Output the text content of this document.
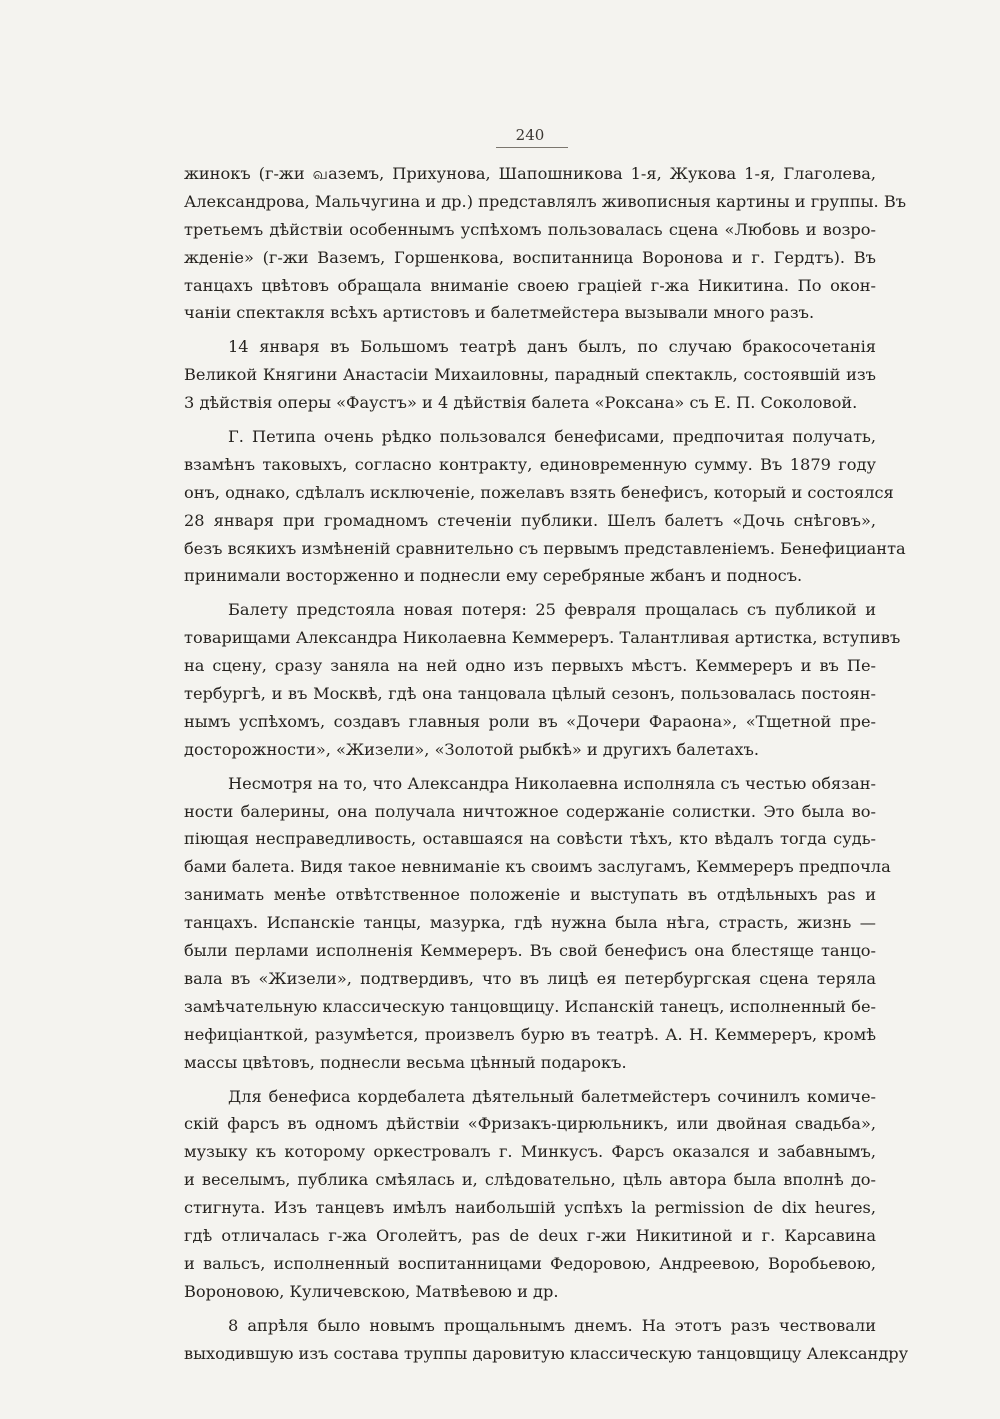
240

жинокъ (г-жи வаземъ, Прихунова, Шапошникова 1-я, Жукова 1-я, Глаголева,

Александрова, Мальчугина и др.) представлялъ живописныя картины и группы. Въ

третьемъ дѣйствіи особеннымъ успѣхомъ пользовалась сцена «Любовь и возро-

жденіе» (г-жи Вaземъ, Горшенкова, воспитанница Воронова и г. Гердтъ). Въ

танцахъ цвѣтовъ обращала вниманіе своею граціей г-жа Никитина. По окон-

чаніи спектакля всѣхъ артистовъ и балетмейстера вызывали много разъ.

14 января въ Большомъ театрѣ данъ былъ, по случаю бракосочетанія

Великой Княгини Анастасіи Михаиловны, парадный спектакль, состоявшій изъ

3 дѣйствія оперы «Фаустъ» и 4 дѣйствія балета «Роксана» съ Е. П. Соколовой.

Г. Петипа очень рѣдко пользовался бенефисами, предпочитая получать,

взамѣнъ таковыхъ, согласно контракту, единовременную сумму. Въ 1879 году

онъ, однако, сдѣлалъ исключеніе, пожелавъ взять бенефисъ, который и состоялся

28 января при громадномъ стеченіи публики. Шелъ балетъ «Дочь снѣговъ»,

безъ всякихъ измѣненій сравнительно съ первымъ представленіемъ. Бенефицианта

принимали восторженно и поднесли ему серебряные жбанъ и подносъ.

Балету предстояла новая потеря: 25 февраля прощалась съ публикой и

товарищами Александра Николаевна Кеммереръ. Талантливая артистка, вступивъ

на сцену, сразу заняла на ней одно изъ первыхъ мѣстъ. Кеммереръ и въ Пе-

тербургѣ, и въ Москвѣ, гдѣ она танцовала цѣлый сезонъ, пользовалась постоян-

нымъ успѣхомъ, создавъ главныя роли въ «Дочери Фараона», «Тщетной пре-

досторожности», «Жизели», «Золотой рыбкѣ» и другихъ балетахъ.

Несмотря на то, что Александра Николаевна исполняла съ честью обязан-

ности балерины, она получала ничтожное содержаніе солистки. Это была во-

піющая несправедливость, оставшаяся на совѣсти тѣхъ, кто вѣдалъ тогда судь-

бами балета. Видя такое невниманіе къ своимъ заслугамъ, Кеммереръ предпочла

занимать менѣе отвѣтственное положеніе и выступать въ отдѣльныхъ pas и

танцахъ. Испанскіе танцы, мазурка, гдѣ нужна была нѣга, страсть, жизнь —

были перлами исполненія Кеммереръ. Въ свой бенефисъ она блестяще танцо-

вала въ «Жизели», подтвердивъ, что въ лицѣ ея петербургская сцена теряла

замѣчательную классическую танцовщицу. Испанскій танецъ, исполненный бе-

нефиціанткой, разумѣется, произвелъ бурю въ театрѣ. А. Н. Кеммереръ, кромѣ

массы цвѣтовъ, поднесли весьма цѣнный подарокъ.

Для бенефиса кордебалета дѣятельный балетмейстеръ сочинилъ комиче-

скій фарсъ въ одномъ дѣйствіи «Фризакъ-цирюльникъ, или двойная свадьба»,

музыку къ которому оркестровалъ г. Минкусъ. Фарсъ оказался и забавнымъ,

и веселымъ, публика смѣялась и, слѣдовательно, цѣль автора была вполнѣ до-

стигнута. Изъ танцевъ имѣлъ наибольшій успѣхъ la permission de dix heures,

гдѣ отличалась г-жа Оголейтъ, pas de deux г-жи Никитиной и г. Карсавина

и вальсъ, исполненный воспитанницами Федоровою, Андреевою, Воробьевою,

Вороновою, Куличевскою, Матвѣевою и др.

8 апрѣля было новымъ прощальнымъ днемъ. На этотъ разъ чествовали

выходившую изъ состава труппы даровитую классическую танцовщицу Александру
